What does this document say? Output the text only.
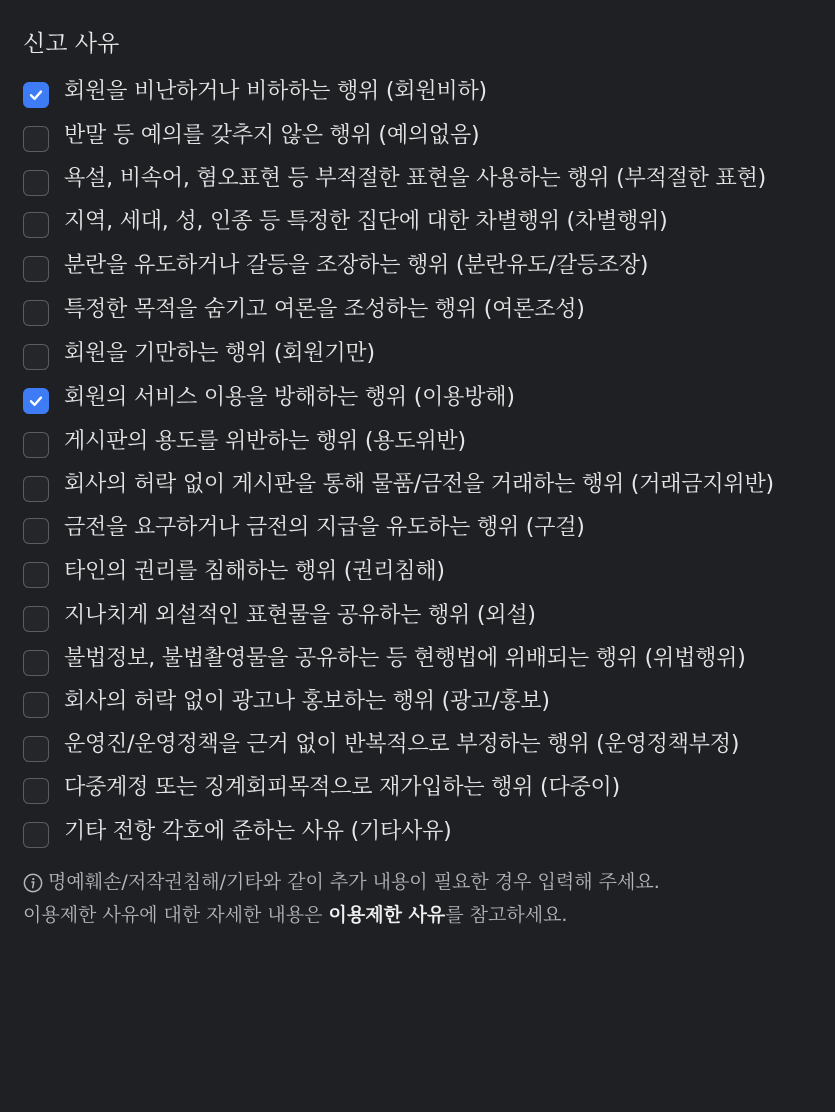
신고 사유
회원을 비난하거나 비하하는 행위 (회원비하)
반말 등 예의를 갖추지 않은 행위 (예의없음)
욕설, 비속어, 혐오표현 등 부적절한 표현을 사용하는 행위 (부적절한 표현)
지역, 세대, 성, 인종 등 특정한 집단에 대한 차별행위 (차별행위)
분란을 유도하거나 갈등을 조장하는 행위 (분란유도/갈등조장)
특정한 목적을 숨기고 여론을 조성하는 행위 (여론조성)
회원을 기만하는 행위 (회원기만)
회원의 서비스 이용을 방해하는 행위 (이용방해)
게시판의 용도를 위반하는 행위 (용도위반)
회사의 허락 없이 게시판을 통해 물품/금전을 거래하는 행위 (거래금지위반)
금전을 요구하거나 금전의 지급을 유도하는 행위 (구걸)
타인의 권리를 침해하는 행위 (권리침해)
지나치게 외설적인 표현물을 공유하는 행위 (외설)
불법정보, 불법촬영물을 공유하는 등 현행법에 위배되는 행위 (위법행위)
회사의 허락 없이 광고나 홍보하는 행위 (광고/홍보)
운영진/운영정책을 근거 없이 반복적으로 부정하는 행위 (운영정책부정)
다중계정 또는 징계회피목적으로 재가입하는 행위 (다중이)
기타 전항 각호에 준하는 사유 (기타사유)
명예훼손/저작권침해/기타와 같이 추가 내용이 필요한 경우 입력해 주세요.
이용제한 사유에 대한 자세한 내용은 이용제한 사유 를 참고하세요.
